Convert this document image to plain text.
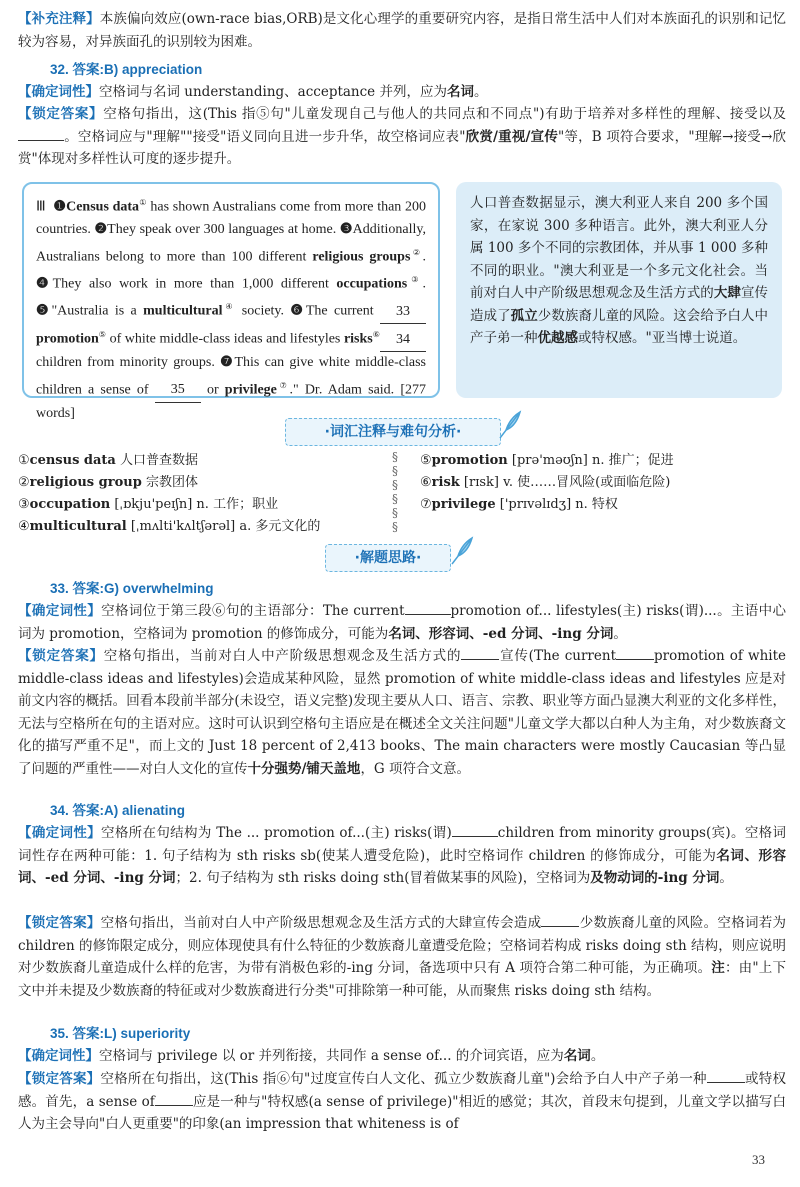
【补充注释】本族偏向效应(own-race bias,ORB)是文化心理学的重要研究内容，是指日常生活中人们对本族面孔的识别和记忆较为容易，对异族面孔的识别较为困难。
32. 答案:B) appreciation
【确定词性】空格词与名词 understanding、acceptance 并列，应为名词。
【锁定答案】空格句指出，这(This 指⑤句"儿童发现自己与他人的共同点和不同点")有助于培养对多样性的理解、接受以及。空格词应与"理解""接受"语义同向且进一步升华，故空格词应表"欣赏/重视/宣传"等，B 项符合要求，"理解→接受→欣赏"体现对多样性认可度的逐步提升。
Ⅲ ❶Census data① has shown Australians come from more than 200 countries. ❷They speak over 300 languages at home. ❸Additionally, Australians belong to more than 100 different religious groups②. ❹They also work in more than 1,000 different occupations③. ❺"Australia is a multicultural④ society. ❻The current 33 promotion⑤ of white middle-class ideas and lifestyles risks⑥ 34 children from minority groups. ❼This can give white middle-class children a sense of 35 or privilege⑦." Dr. Adam said. [277 words]
人口普查数据显示，澳大利亚人来自 200 多个国家，在家说 300 多种语言。此外，澳大利亚人分属 100 多个不同的宗教团体，并从事 1 000 多种不同的职业。"澳大利亚是一个多元文化社会。当前对白人中产阶级思想观念及生活方式的大肆宣传造成了孤立少数族裔儿童的风险。这会给予白人中产子弟一种优越感或特权感。"亚当博士说道。
·词汇注释与难句分析·
①census data 人口普查数据
②religious group 宗教团体
③occupation [ˌɒkju'peɪʃn] n. 工作；职业
④multicultural [ˌmʌlti'kʌltʃərəl] a. 多元文化的
§
§
§
§
§
§
⑤promotion [prə'məʊʃn] n. 推广；促进
⑥risk [rɪsk] v. 使……冒风险(或面临危险)
⑦privilege ['prɪvəlɪdʒ] n. 特权
·解题思路·
33. 答案:G) overwhelming
【确定词性】空格词位于第三段⑥句的主语部分：The current	promotion of... lifestyles(主) risks(谓)...。主语中心词为 promotion，空格词为 promotion 的修饰成分，可能为名词、形容词、-ed 分词、-ing 分词。
【锁定答案】空格句指出，当前对白人中产阶级思想观念及生活方式的	宣传(The current	promotion of white middle-class ideas and lifestyles)会造成某种风险，显然 promotion of white middle-class ideas and lifestyles 应是对前文内容的概括。回看本段前半部分(未设空，语义完整)发现主要从人口、语言、宗教、职业等方面凸显澳大利亚的文化多样性，无法与空格所在句的主语对应。这时可认识到空格句主语应是在概述全文关注问题"儿童文学大都以白种人为主角，对少数族裔文化的描写严重不足"，而上文的 Just 18 percent of 2,413 books、The main characters were mostly Caucasian 等凸显了问题的严重性——对白人文化的宣传十分强势/铺天盖地，G 项符合文意。
34. 答案:A) alienating
【确定词性】空格所在句结构为 The ... promotion of...(主) risks(谓)	children from minority groups(宾)。空格词词性存在两种可能：1. 句子结构为 sth risks sb(使某人遭受危险)，此时空格词作 children 的修饰成分，可能为名词、形容词、-ed 分词、-ing 分词；2. 句子结构为 sth risks doing sth(冒着做某事的风险)，空格词为及物动词的-ing 分词。
【锁定答案】空格句指出，当前对白人中产阶级思想观念及生活方式的大肆宣传会造成	少数族裔儿童的风险。空格词若为 children 的修饰限定成分，则应体现使具有什么特征的少数族裔儿童遭受危险；空格词若构成 risks doing sth 结构，则应说明对少数族裔儿童造成什么样的危害，为带有消极色彩的-ing 分词，备选项中只有 A 项符合第二种可能，为正确项。注：由"上下文中并未提及少数族裔的特征或对少数族裔进行分类"可排除第一种可能，从而聚焦 risks doing sth 结构。
35. 答案:L) superiority
【确定词性】空格词与 privilege 以 or 并列衔接，共同作 a sense of... 的介词宾语，应为名词。
【锁定答案】空格所在句指出，这(This 指⑥句"过度宣传白人文化、孤立少数族裔儿童")会给予白人中产子弟一种	或特权感。首先，a sense of	应是一种与"特权感(a sense of privilege)"相近的感觉；其次，首段末句提到，儿童文学以描写白人为主会导向"白人更重要"的印象(an impression that whiteness is of
33
